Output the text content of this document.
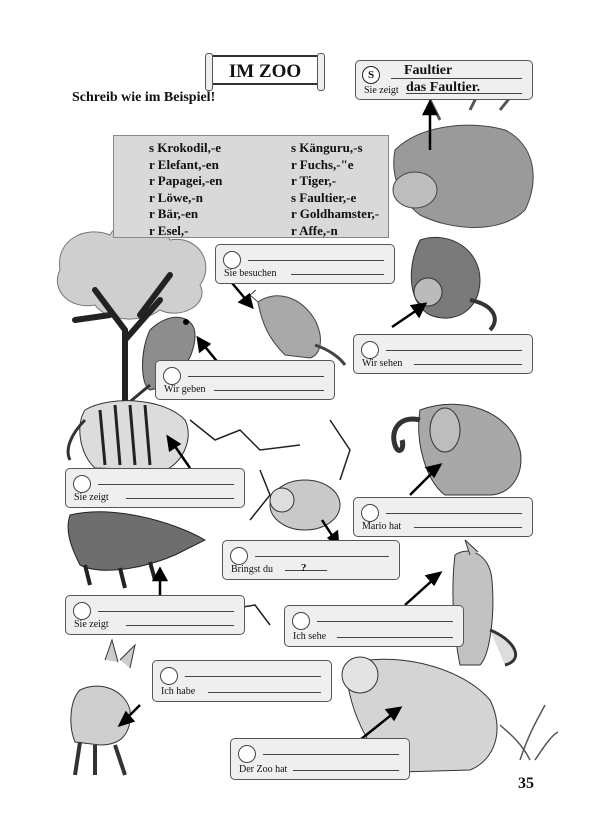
IM ZOO
Schreib wie im Beispiel!
s Krokodil,-e
r Elefant,-en
r Papagei,-en
r Löwe,-n
r Bär,-en
r Esel,-
s Känguru,-s
r Fuchs,-"e
r Tiger,-
s Faultier,-e
r Goldhamster,-
r Affe,-n
S	Faultier
das Faultier.
Sie zeigt
Sie besuchen
Wir sehen
Wir geben
Sie zeigt
Mario hat
Bringst du	?
Sie zeigt
Ich sehe
Ich habe
Der Zoo hat
35
